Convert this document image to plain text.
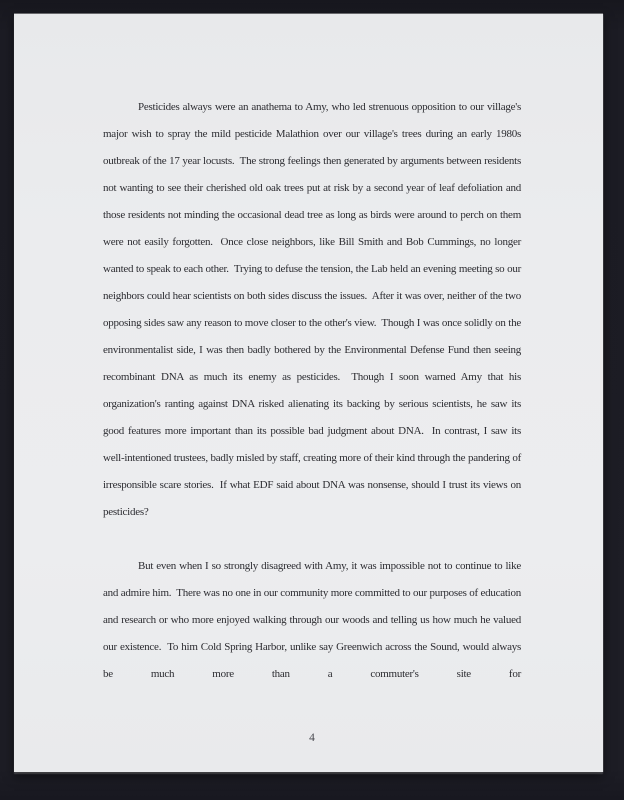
Pesticides always were an anathema to Amy, who led strenuous opposition to our village's major wish to spray the mild pesticide Malathion over our village's trees during an early 1980s outbreak of the 17 year locusts.  The strong feelings then generated by arguments between residents not wanting to see their cherished old oak trees put at risk by a second year of leaf defoliation and those residents not minding the occasional dead tree as long as birds were around to perch on them were not easily forgotten.  Once close neighbors, like Bill Smith and Bob Cummings, no longer wanted to speak to each other.  Trying to defuse the tension, the Lab held an evening meeting so our neighbors could hear scientists on both sides discuss the issues.  After it was over, neither of the two opposing sides saw any reason to move closer to the other's view.  Though I was once solidly on the environmentalist side, I was then badly bothered by the Environmental Defense Fund then seeing recombinant DNA as much its enemy as pesticides.  Though I soon warned Amy that his organization's ranting against DNA risked alienating its backing by serious scientists, he saw its good features more important than its possible bad judgment about DNA.  In contrast, I saw its well-intentioned trustees, badly misled by staff, creating more of their kind through the pandering of irresponsible scare stories.  If what EDF said about DNA was nonsense, should I trust its views on pesticides?

But even when I so strongly disagreed with Amy, it was impossible not to continue to like and admire him.  There was no one in our community more committed to our purposes of education and research or who more enjoyed walking through our woods and telling us how much he valued our existence.  To him Cold Spring Harbor, unlike say Greenwich across the Sound, would always be much more than a commuter's site for

4
